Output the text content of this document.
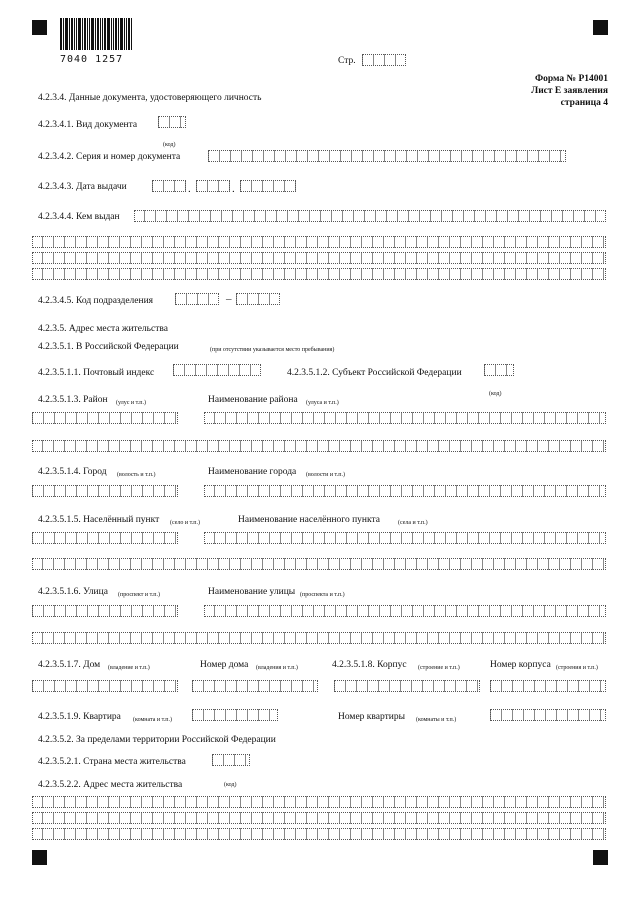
7040 1257	Стр.
Форма № Р14001
Лист Е заявления
страница 4
4.2.3.4. Данные документа, удостоверяющего личность
4.2.3.4.1. Вид документа
(код)
4.2.3.4.2. Серия и номер документа
4.2.3.4.3. Дата выдачи	.	.
4.2.3.4.4. Кем выдан
4.2.3.4.5. Код подразделения	–
4.2.3.5. Адрес места жительства
4.2.3.5.1. В Российской Федерации	(при отсутствии указывается место пребывания)
4.2.3.5.1.1. Почтовый индекс	4.2.3.5.1.2. Субъект Российской Федерации
(код)
4.2.3.5.1.3. Район (улус и т.п.)	Наименование района (улуса и т.п.)
4.2.3.5.1.4. Город (волость и т.п.)	Наименование города (волости и т.п.)
4.2.3.5.1.5. Населённый пункт (село и т.п.)	Наименование населённого пункта	(села и т.п.)
4.2.3.5.1.6. Улица (проспект и т.п.)	Наименование улицы (проспекта и т.п.)
4.2.3.5.1.7. Дом (владение и т.п.)	Номер дома (владения и т.п.)	4.2.3.5.1.8. Корпус (строение и т.п.)	Номер корпуса (строения и т.п.)
4.2.3.5.1.9. Квартира (комната и т.п.)	Номер квартиры (комнаты и т.п.)
4.2.3.5.2. За пределами территории Российской Федерации
4.2.3.5.2.1. Страна места жительства
4.2.3.5.2.2. Адрес места жительства	(код)
